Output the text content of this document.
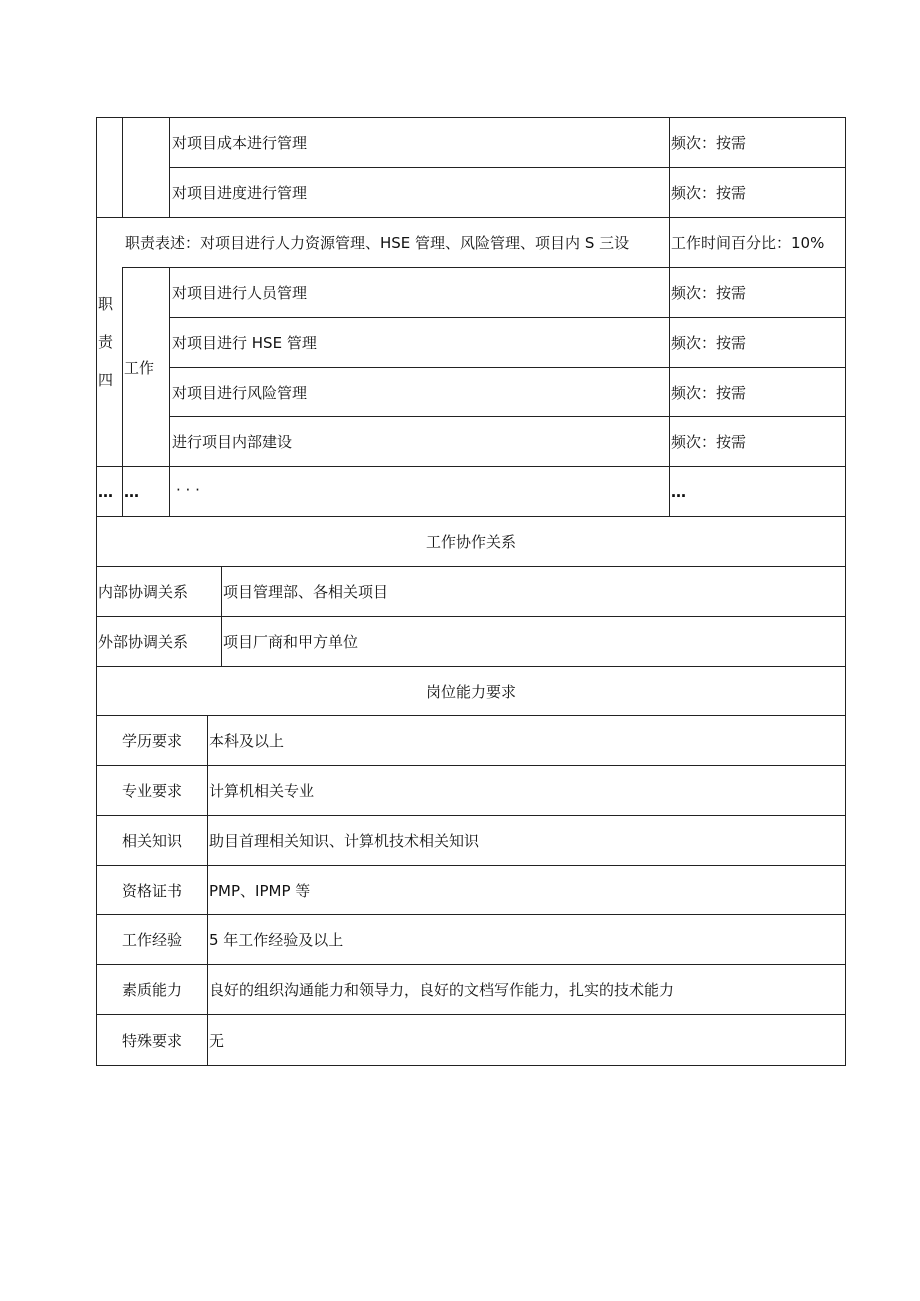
对项目成本进行管理	频次：按需
对项目进度进行管理	频次：按需
职
责
四
职责表述：对项目进行人力资源管理、HSE 管理、风险管理、项目内 S 三设	工作时间百分比：10%
工作
对项目进行人员管理	频次：按需
对项目进行 HSE 管理	频次：按需
对项目进行风险管理	频次：按需
进行项目内部建设	频次：按需
… …	· · ·	…
工作协作关系
内部协调关系	项目管理部、各相关项目
外部协调关系	项目厂商和甲方单位
岗位能力要求
学历要求	本科及以上
专业要求	计算机相关专业
相关知识	助目首理相关知识、计算机技术相关知识
资格证书	PMP、IPMP 等
工作经验	5 年工作经验及以上
素质能力	良好的组织沟通能力和领导力，良好的文档写作能力，扎实的技术能力
特殊要求	无
